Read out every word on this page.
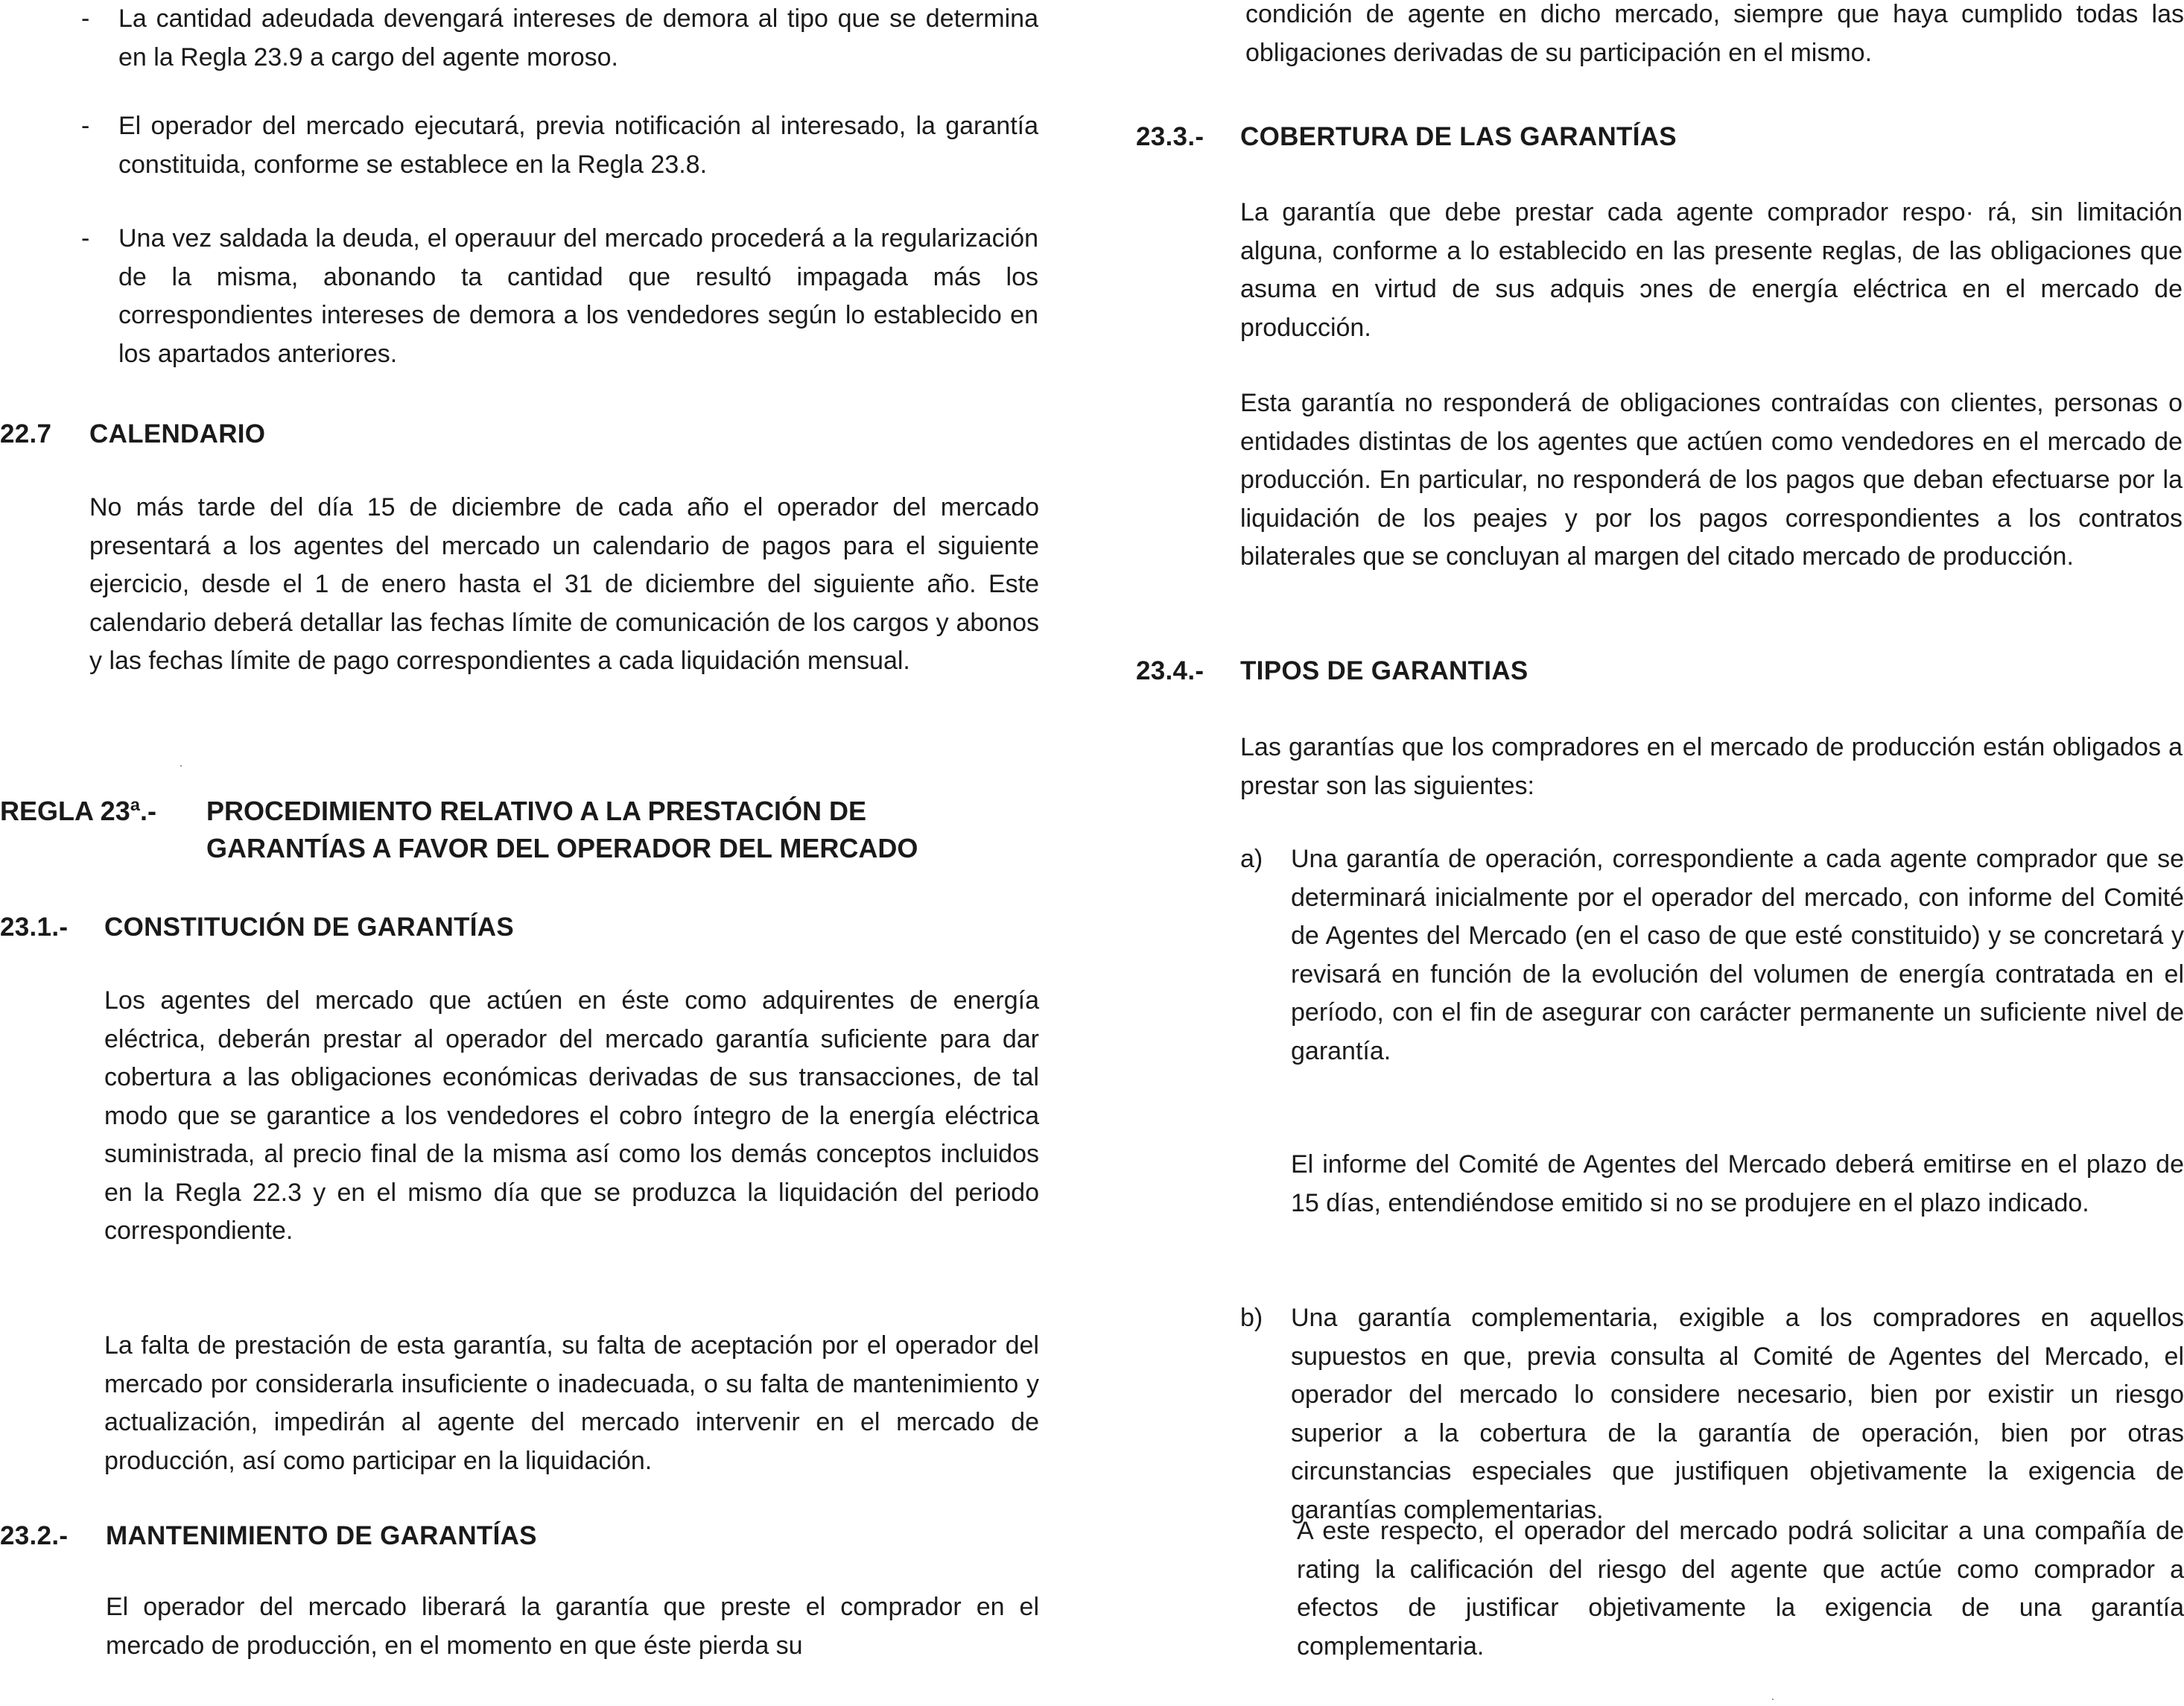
- La cantidad adeudada devengará intereses de demora al tipo que se determina en la Regla 23.9 a cargo del agente moroso.
- El operador del mercado ejecutará, previa notificación al interesado, la garantía constituida, conforme se establece en la Regla 23.8.
- Una vez saldada la deuda, el operauur del mercado procederá a la regularización de la misma, abonando ta cantidad que resultó impagada más los correspondientes intereses de demora a los vendedores según lo establecido en los apartados anteriores.
22.7 CALENDARIO
No más tarde del día 15 de diciembre de cada año el operador del mercado presentará a los agentes del mercado un calendario de pagos para el siguiente ejercicio, desde el 1 de enero hasta el 31 de diciembre del siguiente año. Este calendario deberá detallar las fechas límite de comunicación de los cargos y abonos y las fechas límite de pago correspondientes a cada liquidación mensual.
REGLA 23ª.- PROCEDIMIENTO RELATIVO A LA PRESTACIÓN DE
GARANTÍAS A FAVOR DEL OPERADOR DEL MERCADO
23.1.- CONSTITUCIÓN DE GARANTÍAS
Los agentes del mercado que actúen en éste como adquirentes de energía eléctrica, deberán prestar al operador del mercado garantía suficiente para dar cobertura a las obligaciones económicas derivadas de sus transacciones, de tal modo que se garantice a los vendedores el cobro íntegro de la energía eléctrica suministrada, al precio final de la misma así como los demás conceptos incluidos en la Regla 22.3 y en el mismo día que se produzca la liquidación del periodo correspondiente.
La falta de prestación de esta garantía, su falta de aceptación por el operador del mercado por considerarla insuficiente o inadecuada, o su falta de mantenimiento y actualización, impedirán al agente del mercado intervenir en el mercado de producción, así como participar en la liquidación.
23.2.- MANTENIMIENTO DE GARANTÍAS
El operador del mercado liberará la garantía que preste el comprador en el mercado de producción, en el momento en que éste pierda su
condición de agente en dicho mercado, siempre que haya cumplido todas las obligaciones derivadas de su participación en el mismo.
23.3.- COBERTURA DE LAS GARANTÍAS
La garantía que debe prestar cada agente comprador respo· rá, sin limitación alguna, conforme a lo establecido en las presente ʀeglas, de las obligaciones que asuma en virtud de sus adquis ɔnes de energía eléctrica en el mercado de producción.
Esta garantía no responderá de obligaciones contraídas con clientes, personas o entidades distintas de los agentes que actúen como vendedores en el mercado de producción. En particular, no responderá de los pagos que deban efectuarse por la liquidación de los peajes y por los pagos correspondientes a los contratos bilaterales que se concluyan al margen del citado mercado de producción.
23.4.- TIPOS DE GARANTIAS
Las garantías que los compradores en el mercado de producción están obligados a prestar son las siguientes:
a) Una garantía de operación, correspondiente a cada agente comprador que se determinará inicialmente por el operador del mercado, con informe del Comité de Agentes del Mercado (en el caso de que esté constituido) y se concretará y revisará en función de la evolución del volumen de energía contratada en el período, con el fin de asegurar con carácter permanente un suficiente nivel de garantía.
El informe del Comité de Agentes del Mercado deberá emitirse en el plazo de 15 días, entendiéndose emitido si no se produjere en el plazo indicado.
b) Una garantía complementaria, exigible a los compradores en aquellos supuestos en que, previa consulta al Comité de Agentes del Mercado, el operador del mercado lo considere necesario, bien por existir un riesgo superior a la cobertura de la garantía de operación, bien por otras circunstancias especiales que justifiquen objetivamente la exigencia de garantías complementarias.
A este respecto, el operador del mercado podrá solicitar a una compañía de rating la calificación del riesgo del agente que actúe como comprador a efectos de justificar objetivamente la exigencia de una garantía complementaria.
